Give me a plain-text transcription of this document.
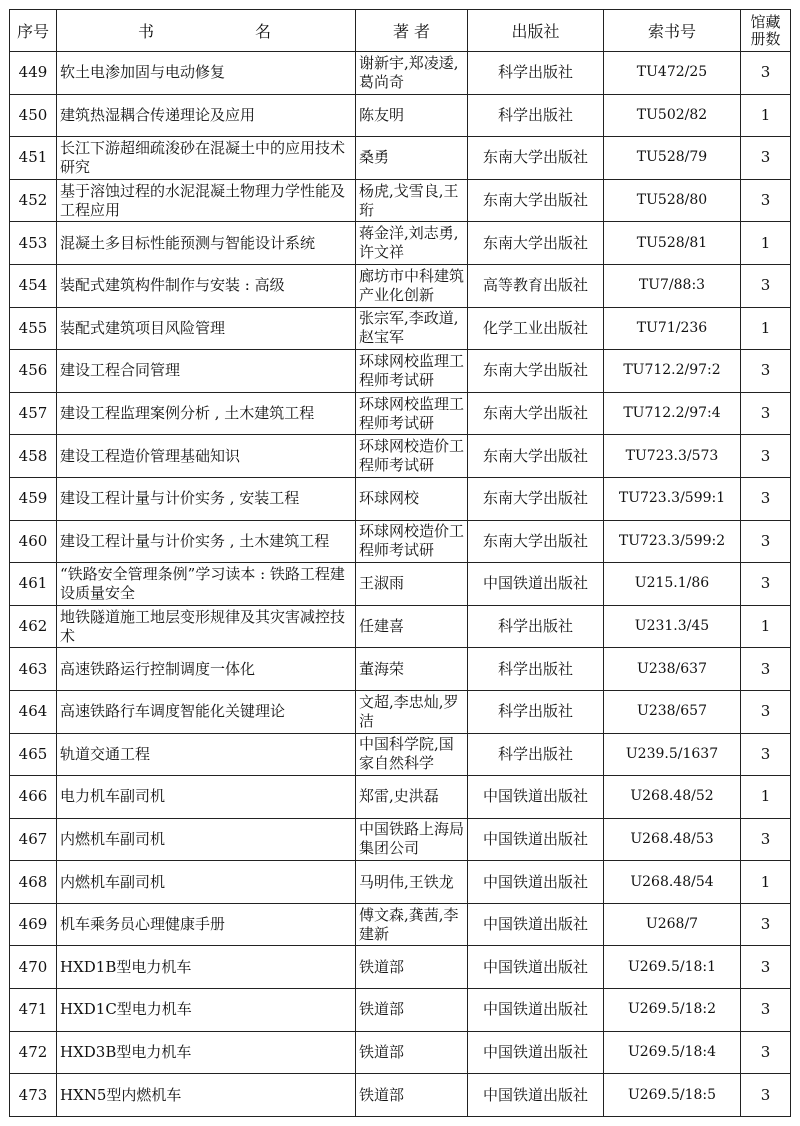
序号	书 名	著 者	出版社	索书号	馆藏册数
449	软土电渗加固与电动修复	谢新宇,郑凌逶,葛尚奇	科学出版社	TU472/25	3
450	建筑热湿耦合传递理论及应用	陈友明	科学出版社	TU502/82	1
451	长江下游超细疏浚砂在混凝土中的应用技术研究	桑勇	东南大学出版社	TU528/79	3
452	基于溶蚀过程的水泥混凝土物理力学性能及工程应用	杨虎,戈雪良,王珩	东南大学出版社	TU528/80	3
453	混凝土多目标性能预测与智能设计系统	蒋金洋,刘志勇,许文祥	东南大学出版社	TU528/81	1
454	装配式建筑构件制作与安装 : 高级	廊坊市中科建筑产业化创新	高等教育出版社	TU7/88:3	3
455	装配式建筑项目风险管理	张宗军,李政道,赵宝军	化学工业出版社	TU71/236	1
456	建设工程合同管理	环球网校监理工程师考试研	东南大学出版社	TU712.2/97:2	3
457	建设工程监理案例分析 , 土木建筑工程	环球网校监理工程师考试研	东南大学出版社	TU712.2/97:4	3
458	建设工程造价管理基础知识	环球网校造价工程师考试研	东南大学出版社	TU723.3/573	3
459	建设工程计量与计价实务 , 安装工程	环球网校	东南大学出版社	TU723.3/599:1	3
460	建设工程计量与计价实务 , 土木建筑工程	环球网校造价工程师考试研	东南大学出版社	TU723.3/599:2	3
461	“铁路安全管理条例”学习读本 : 铁路工程建设质量安全	王淑雨	中国铁道出版社	U215.1/86	3
462	地铁隧道施工地层变形规律及其灾害减控技术	任建喜	科学出版社	U231.3/45	1
463	高速铁路运行控制调度一体化	董海荣	科学出版社	U238/637	3
464	高速铁路行车调度智能化关键理论	文超,李忠灿,罗洁	科学出版社	U238/657	3
465	轨道交通工程	中国科学院,国家自然科学	科学出版社	U239.5/1637	3
466	电力机车副司机	郑雷,史洪磊	中国铁道出版社	U268.48/52	1
467	内燃机车副司机	中国铁路上海局集团公司	中国铁道出版社	U268.48/53	3
468	内燃机车副司机	马明伟,王铁龙	中国铁道出版社	U268.48/54	1
469	机车乘务员心理健康手册	傅文森,龚茜,李建新	中国铁道出版社	U268/7	3
470	HXD1B型电力机车	铁道部	中国铁道出版社	U269.5/18:1	3
471	HXD1C型电力机车	铁道部	中国铁道出版社	U269.5/18:2	3
472	HXD3B型电力机车	铁道部	中国铁道出版社	U269.5/18:4	3
473	HXN5型内燃机车	铁道部	中国铁道出版社	U269.5/18:5	3
